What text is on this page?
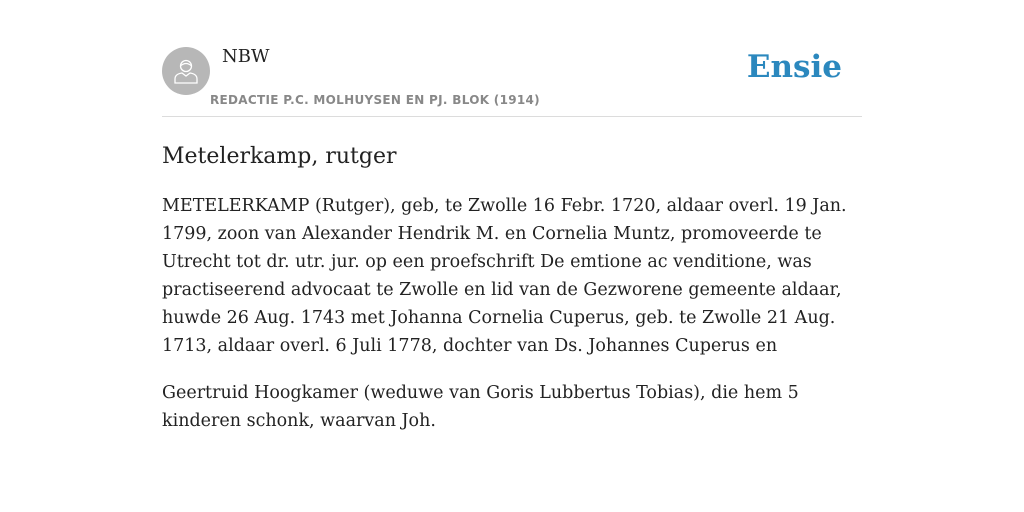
NBW
REDACTIE P.C. MOLHUYSEN EN PJ. BLOK (1914)
Ensie
Metelerkamp, rutger

METELERKAMP (Rutger), geb, te Zwolle 16 Febr. 1720, aldaar overl. 19 Jan. 1799, zoon van Alexander Hendrik M. en Cornelia Muntz, promoveerde te Utrecht tot dr. utr. jur. op een proefschrift De emtione ac venditione, was practiseerend advocaat te Zwolle en lid van de Gezworene gemeente aldaar, huwde 26 Aug. 1743 met Johanna Cornelia Cuperus, geb. te Zwolle 21 Aug. 1713, aldaar overl. 6 Juli 1778, dochter van Ds. Johannes Cuperus en

Geertruid Hoogkamer (weduwe van Goris Lubbertus Tobias), die hem 5 kinderen schonk, waarvan Joh.
